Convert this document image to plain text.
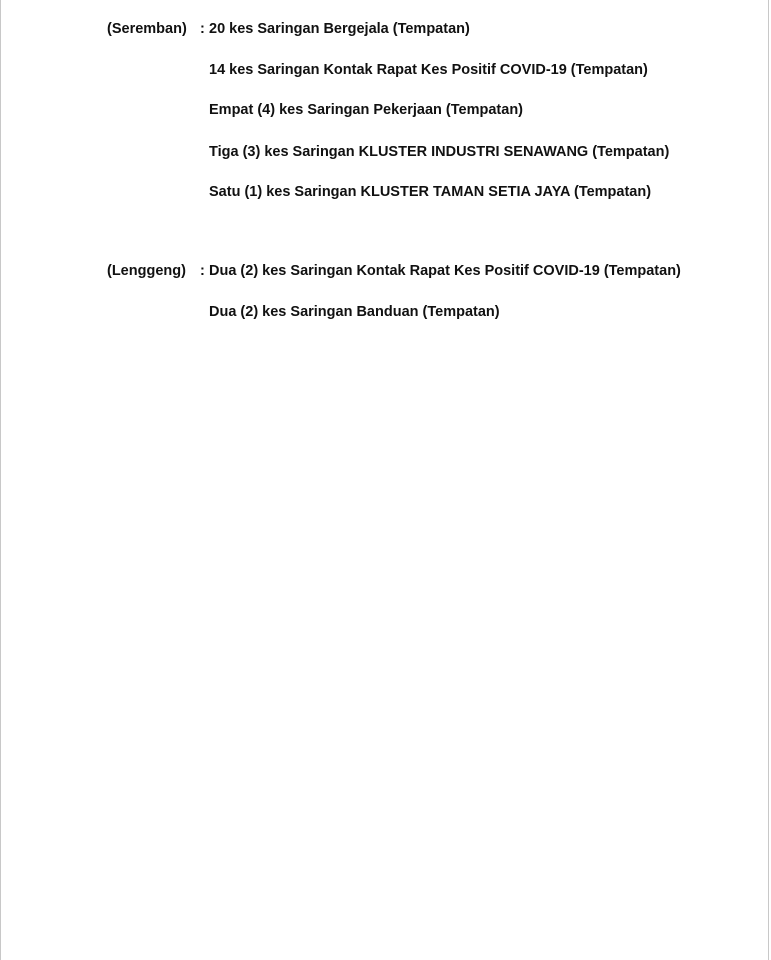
(Seremban) : 20 kes Saringan Bergejala (Tempatan)
14 kes Saringan Kontak Rapat Kes Positif COVID-19 (Tempatan)
Empat (4) kes Saringan Pekerjaan (Tempatan)
Tiga (3) kes Saringan KLUSTER INDUSTRI SENAWANG (Tempatan)
Satu (1) kes Saringan KLUSTER TAMAN SETIA JAYA (Tempatan)
(Lenggeng) : Dua (2) kes Saringan Kontak Rapat Kes Positif COVID-19 (Tempatan)
Dua (2) kes Saringan Banduan (Tempatan)
